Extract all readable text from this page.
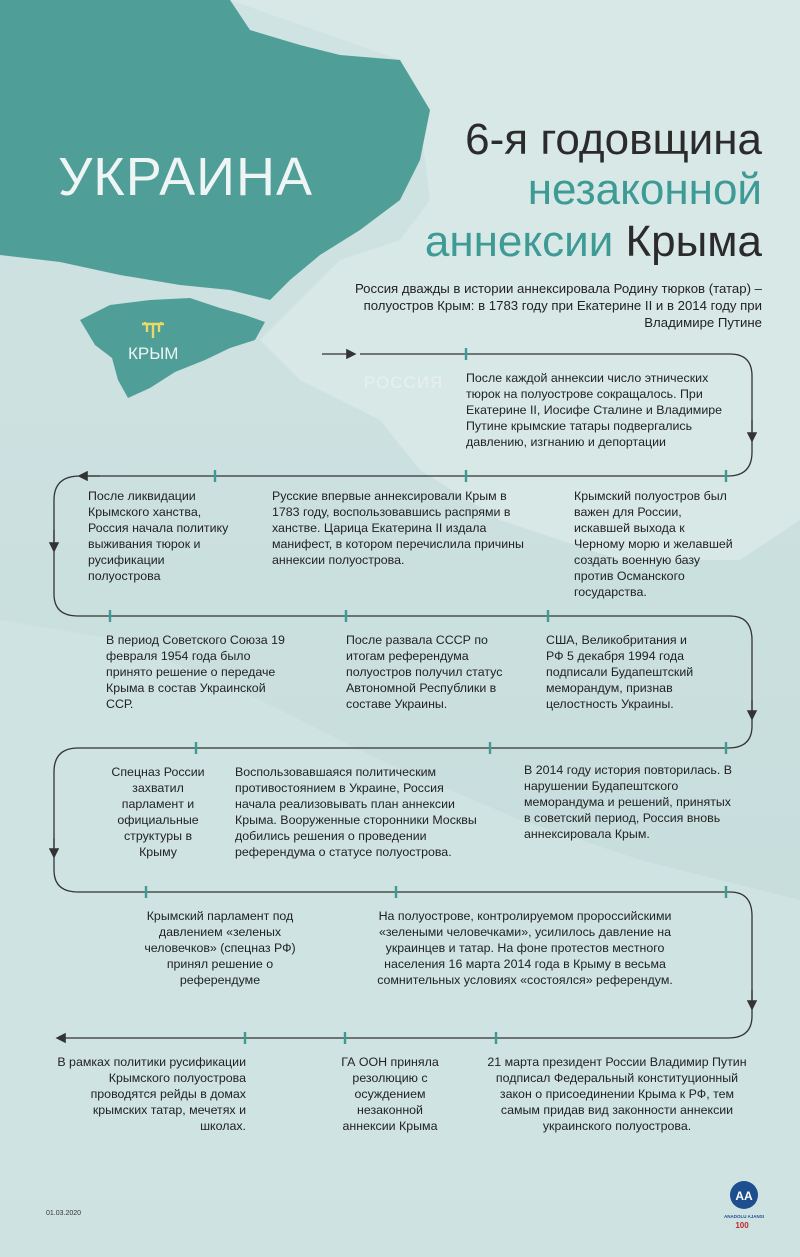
УКРАИНА
КРЫМ
РОССИЯ
6-я годовщина
незаконной
аннексии Крыма
Россия дважды в истории аннексировала Родину тюрков (татар) – полуостров Крым: в 1783 году при Екатерине II и в 2014 году при Владимире Путине
После каждой аннексии число этнических тюрок на полуострове сокращалось. При Екатерине II, Иосифе Сталине и Владимире Путине крымские татары подвергались давлению, изгнанию и депортации
Крымский полуостров был важен для России, искавшей выхода к Черному морю и желавшей создать военную базу против Османского государства.
Русские впервые аннексировали Крым в 1783 году, воспользовавшись распрями в ханстве. Царица Екатерина II издала манифест, в котором перечислила причины аннексии полуострова.
После ликвидации Крымского ханства, Россия начала политику выживания тюрок и русификации полуострова
В период Советского Союза 19 февраля 1954 года было принято решение о передаче Крыма в состав Украинской ССР.
После развала СССР по итогам референдума полуостров получил статус Автономной Республики в составе Украины.
США, Великобритания и РФ 5 декабря 1994 года подписали Будапештский меморандум, признав целостность Украины.
В 2014 году история повторилась. В нарушении Будапештского меморандума и решений, принятых в советский период, Россия вновь аннексировала Крым.
Воспользовавшаяся политическим противостоянием в Украине, Россия начала реализовывать план аннексии Крыма. Вооруженные сторонники Москвы добились решения о проведении референдума о статусе полуострова.
Спецназ России захватил парламент и официальные структуры в Крыму
Крымский парламент под давлением «зеленых человечков» (спецназ РФ) принял решение о референдуме
На полуострове, контролируемом пророссийскими «зелеными человечками», усилилось давление на украинцев и татар. На фоне протестов местного населения 16 марта 2014 года в Крыму в весьма сомнительных условиях «состоялся» референдум.
21 марта президент России Владимир Путин подписал Федеральный конституционный закон о присоединении Крыма к РФ, тем самым придав вид законности аннексии украинского полуострова.
ГА ООН приняла резолюцию с осуждением незаконной аннексии Крыма
В рамках политики русификации Крымского полуострова проводятся рейды в домах крымских татар, мечетях и школах.
01.03.2020
AA
ANADOLU AJANSI
100
